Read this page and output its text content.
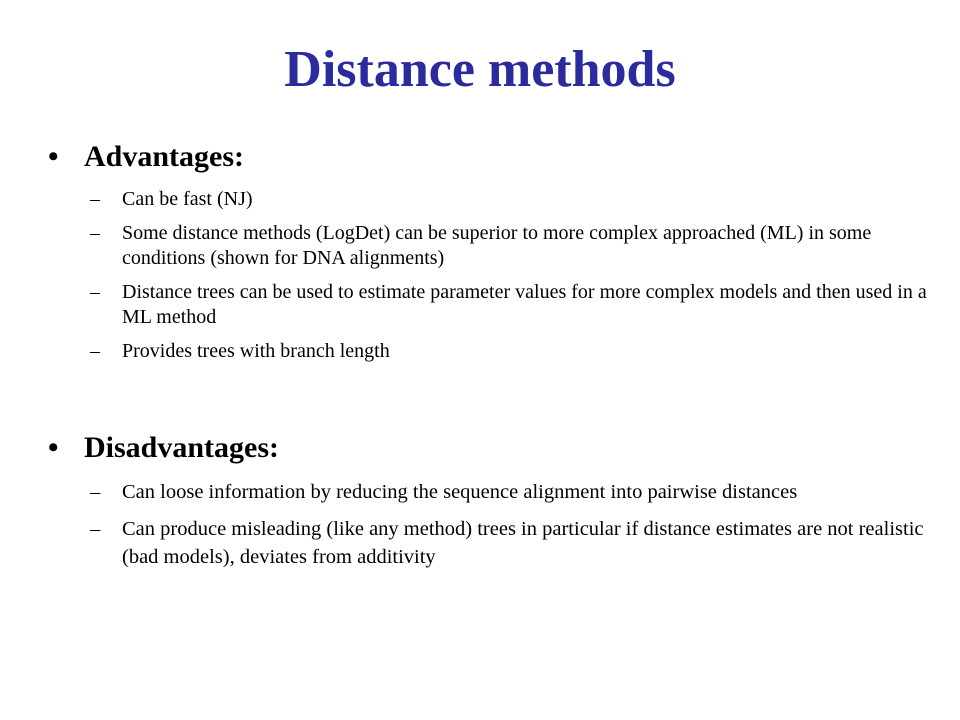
Distance methods
• Advantages:
– Can be fast (NJ)
– Some distance methods (LogDet) can be superior to more complex approached (ML) in some conditions (shown for DNA alignments)
– Distance trees can be used to estimate parameter values for more complex models and then used in a ML method
– Provides trees with branch length
• Disadvantages:
– Can loose information by reducing the sequence alignment into pairwise distances
– Can produce misleading (like any method) trees in particular if distance estimates are not realistic (bad models), deviates from additivity
